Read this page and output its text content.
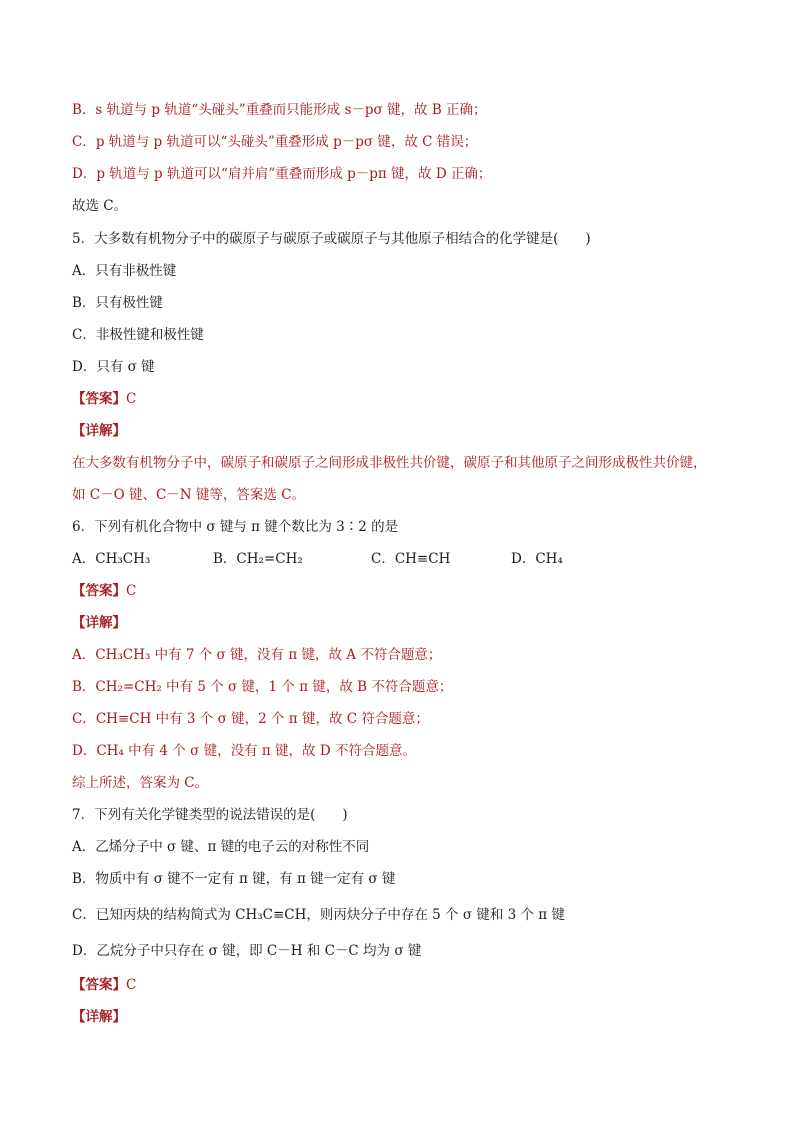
B．s 轨道与 p 轨道“头碰头”重叠而只能形成 s－pσ 键，故 B 正确；
C．p 轨道与 p 轨道可以“头碰头”重叠形成 p－pσ 键，故 C 错误；
D．p 轨道与 p 轨道可以“肩并肩”重叠而形成 p－pπ 键，故 D 正确；
故选 C。
5．大多数有机物分子中的碳原子与碳原子或碳原子与其他原子相结合的化学键是(　　)
A．只有非极性键
B．只有极性键
C．非极性键和极性键
D．只有 σ 键
【答案】C
【详解】
在大多数有机物分子中，碳原子和碳原子之间形成非极性共价键，碳原子和其他原子之间形成极性共价键，
如 C－O 键、C－N 键等，答案选 C。
6．下列有机化合物中 σ 键与 π 键个数比为 3∶2 的是
A．CH₃CH₃	B．CH₂=CH₂	C．CH≡CH	D．CH₄
【答案】C
【详解】
A．CH₃CH₃ 中有 7 个 σ 键，没有 π 键，故 A 不符合题意；
B．CH₂=CH₂ 中有 5 个 σ 键，1 个 π 键，故 B 不符合题意；
C．CH≡CH 中有 3 个 σ 键，2 个 π 键，故 C 符合题意；
D．CH₄ 中有 4 个 σ 键，没有 π 键，故 D 不符合题意。
综上所述，答案为 C。
7．下列有关化学键类型的说法错误的是(　　)
A．乙烯分子中 σ 键、π 键的电子云的对称性不同
B．物质中有 σ 键不一定有 π 键，有 π 键一定有 σ 键
C．已知丙炔的结构简式为 CH₃C≡CH，则丙炔分子中存在 5 个 σ 键和 3 个 π 键
D．乙烷分子中只存在 σ 键，即 C－H 和 C－C 均为 σ 键
【答案】C
【详解】
